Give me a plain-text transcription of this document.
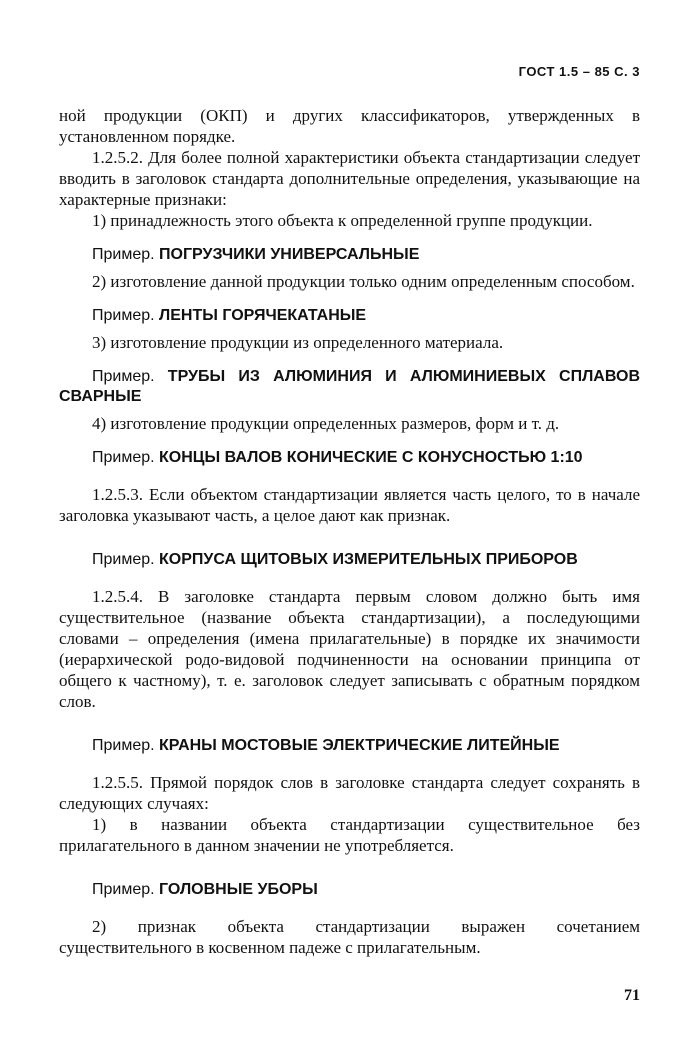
ГОСТ 1.5 – 85 С. 3

ной продукции (ОКП) и других классификаторов, утвержденных в установленном порядке.

1.2.5.2. Для более полной характеристики объекта стандартизации следует вводить в заголовок стандарта дополнительные определения, указывающие на характерные признаки:

1) принадлежность этого объекта к определенной группе продукции.

Пример. ПОГРУЗЧИКИ УНИВЕРСАЛЬНЫЕ

2) изготовление данной продукции только одним определенным способом.

Пример. ЛЕНТЫ ГОРЯЧЕКАТАНЫЕ

3) изготовление продукции из определенного материала.

Пример. ТРУБЫ ИЗ АЛЮМИНИЯ И АЛЮМИНИЕВЫХ СПЛАВОВ СВАРНЫЕ

4) изготовление продукции определенных размеров, форм и т. д.

Пример. КОНЦЫ ВАЛОВ КОНИЧЕСКИЕ С КОНУСНОСТЬЮ 1:10

1.2.5.3. Если объектом стандартизации является часть целого, то в начале заголовка указывают часть, а целое дают как признак.

Пример. КОРПУСА ЩИТОВЫХ ИЗМЕРИТЕЛЬНЫХ ПРИБОРОВ

1.2.5.4. В заголовке стандарта первым словом должно быть имя существительное (название объекта стандартизации), а последующими словами – определения (имена прилагательные) в порядке их значимости (иерархической родо-видовой подчиненности на основании принципа от общего к частному), т. е. заголовок следует записывать с обратным порядком слов.

Пример. КРАНЫ МОСТОВЫЕ ЭЛЕКТРИЧЕСКИЕ ЛИТЕЙНЫЕ

1.2.5.5. Прямой порядок слов в заголовке стандарта следует сохранять в следующих случаях:

1) в названии объекта стандартизации существительное без прилагательного в данном значении не употребляется.

Пример. ГОЛОВНЫЕ УБОРЫ

2) признак объекта стандартизации выражен сочетанием существительного в косвенном падеже с прилагательным.

71
